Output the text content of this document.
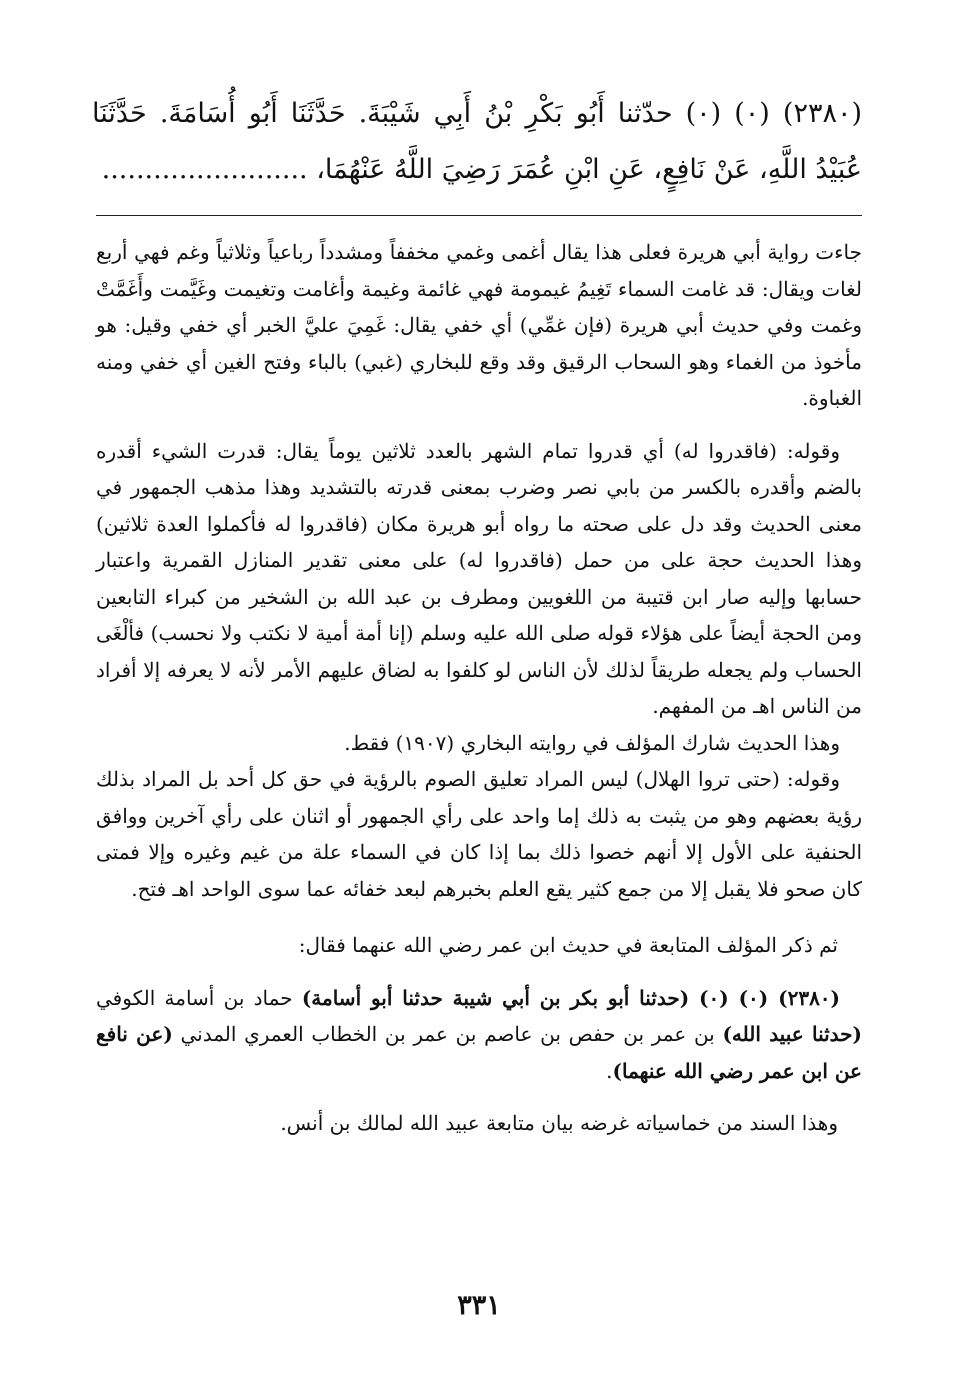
(٢٣٨٠) (٠) (٠) حدّثنا أَبُو بَكْرِ بْنُ أَبِي شَيْبَةَ. حَدَّثَنَا أَبُو أُسَامَةَ. حَدَّثَنَا عُبَيْدُ اللَّهِ، عَنْ نَافِعٍ، عَنِ ابْنِ عُمَرَ رَضِيَ اللَّهُ عَنْهُمَا، ........................

جاءت رواية أبي هريرة فعلى هذا يقال أغمى وغمي مخففاً ومشدداً رباعياً وثلاثياً وغم فهي أربع لغات ويقال: قد غامت السماء تَغِيمُ غيمومة فهي غائمة وغيمة وأغامت وتغيمت وغَيَّمت وأَغَمَّتْ وغمت وفي حديث أبي هريرة (فإن غمِّي) أي خفي يقال: غَمِيَ عليَّ الخبر أي خفي وقيل: هو مأخوذ من الغماء وهو السحاب الرقيق وقد وقع للبخاري (غبي) بالباء وفتح الغين أي خفي ومنه الغباوة.

وقوله: (فاقدروا له) أي قدروا تمام الشهر بالعدد ثلاثين يوماً يقال: قدرت الشيء أقدره بالضم وأقدره بالكسر من بابي نصر وضرب بمعنى قدرته بالتشديد وهذا مذهب الجمهور في معنى الحديث وقد دل على صحته ما رواه أبو هريرة مكان (فاقدروا له فأكملوا العدة ثلاثين) وهذا الحديث حجة على من حمل (فاقدروا له) على معنى تقدير المنازل القمرية واعتبار حسابها وإليه صار ابن قتيبة من اللغويين ومطرف بن عبد الله بن الشخير من كبراء التابعين ومن الحجة أيضاً على هؤلاء قوله صلى الله عليه وسلم (إنا أمة أمية لا نكتب ولا نحسب) فألْغَى الحساب ولم يجعله طريقاً لذلك لأن الناس لو كلفوا به لضاق عليهم الأمر لأنه لا يعرفه إلا أفراد من الناس اهـ من المفهم.

وهذا الحديث شارك المؤلف في روايته البخاري (١٩٠٧) فقط.

وقوله: (حتى تروا الهلال) ليس المراد تعليق الصوم بالرؤية في حق كل أحد بل المراد بذلك رؤية بعضهم وهو من يثبت به ذلك إما واحد على رأي الجمهور أو اثنان على رأي آخرين ووافق الحنفية على الأول إلا أنهم خصوا ذلك بما إذا كان في السماء علة من غيم وغيره وإلا فمتى كان صحو فلا يقبل إلا من جمع كثير يقع العلم بخبرهم لبعد خفائه عما سوى الواحد اهـ فتح.

ثم ذكر المؤلف المتابعة في حديث ابن عمر رضي الله عنهما فقال:

(٢٣٨٠) (٠) (٠) (حدثنا أبو بكر بن أبي شيبة حدثنا أبو أسامة) حماد بن أسامة الكوفي (حدثنا عبيد الله) بن عمر بن حفص بن عاصم بن عمر بن الخطاب العمري المدني (عن نافع عن ابن عمر رضي الله عنهما).

وهذا السند من خماسياته غرضه بيان متابعة عبيد الله لمالك بن أنس.

٣٣١
